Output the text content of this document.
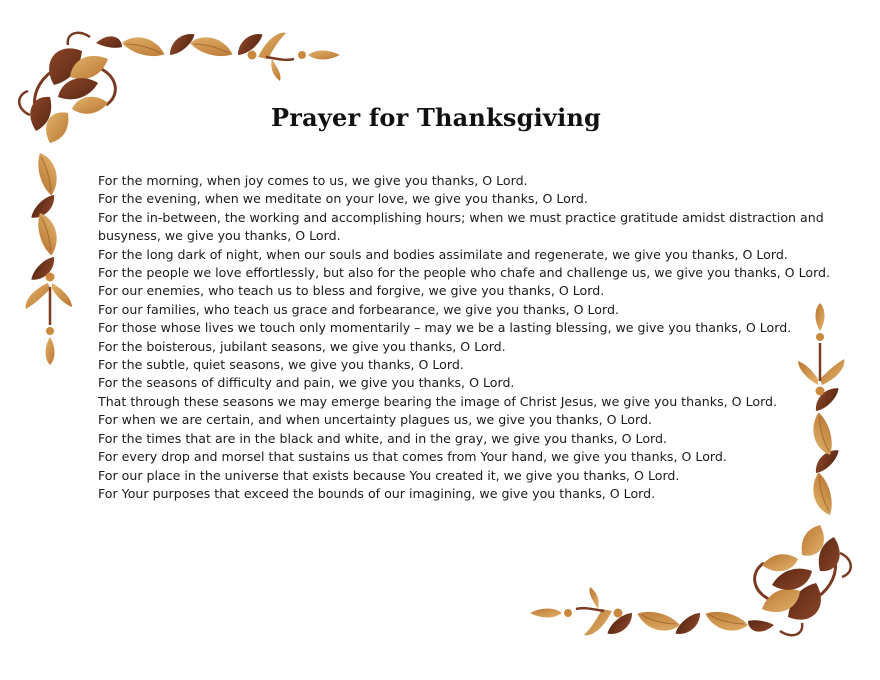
Prayer for Thanksgiving
For the morning, when joy comes to us, we give you thanks, O Lord.
For the evening, when we meditate on your love, we give you thanks, O Lord.
For the in-between, the working and accomplishing hours; when we must practice gratitude amidst distraction and busyness, we give you thanks, O Lord.
For the long dark of night, when our souls and bodies assimilate and regenerate, we give you thanks, O Lord.
For the people we love effortlessly, but also for the people who chafe and challenge us, we give you thanks, O Lord.
For our enemies, who teach us to bless and forgive, we give you thanks, O Lord.
For our families, who teach us grace and forbearance, we give you thanks, O Lord.
For those whose lives we touch only momentarily – may we be a lasting blessing, we give you thanks, O Lord.
For the boisterous, jubilant seasons, we give you thanks, O Lord.
For the subtle, quiet seasons, we give you thanks, O Lord.
For the seasons of difficulty and pain, we give you thanks, O Lord.
That through these seasons we may emerge bearing the image of Christ Jesus, we give you thanks, O Lord.
For when we are certain, and when uncertainty plagues us, we give you thanks, O Lord.
For the times that are in the black and white, and in the gray, we give you thanks, O Lord.
For every drop and morsel that sustains us that comes from Your hand, we give you thanks, O Lord.
For our place in the universe that exists because You created it, we give you thanks, O Lord.
For Your purposes that exceed the bounds of our imagining, we give you thanks, O Lord.
